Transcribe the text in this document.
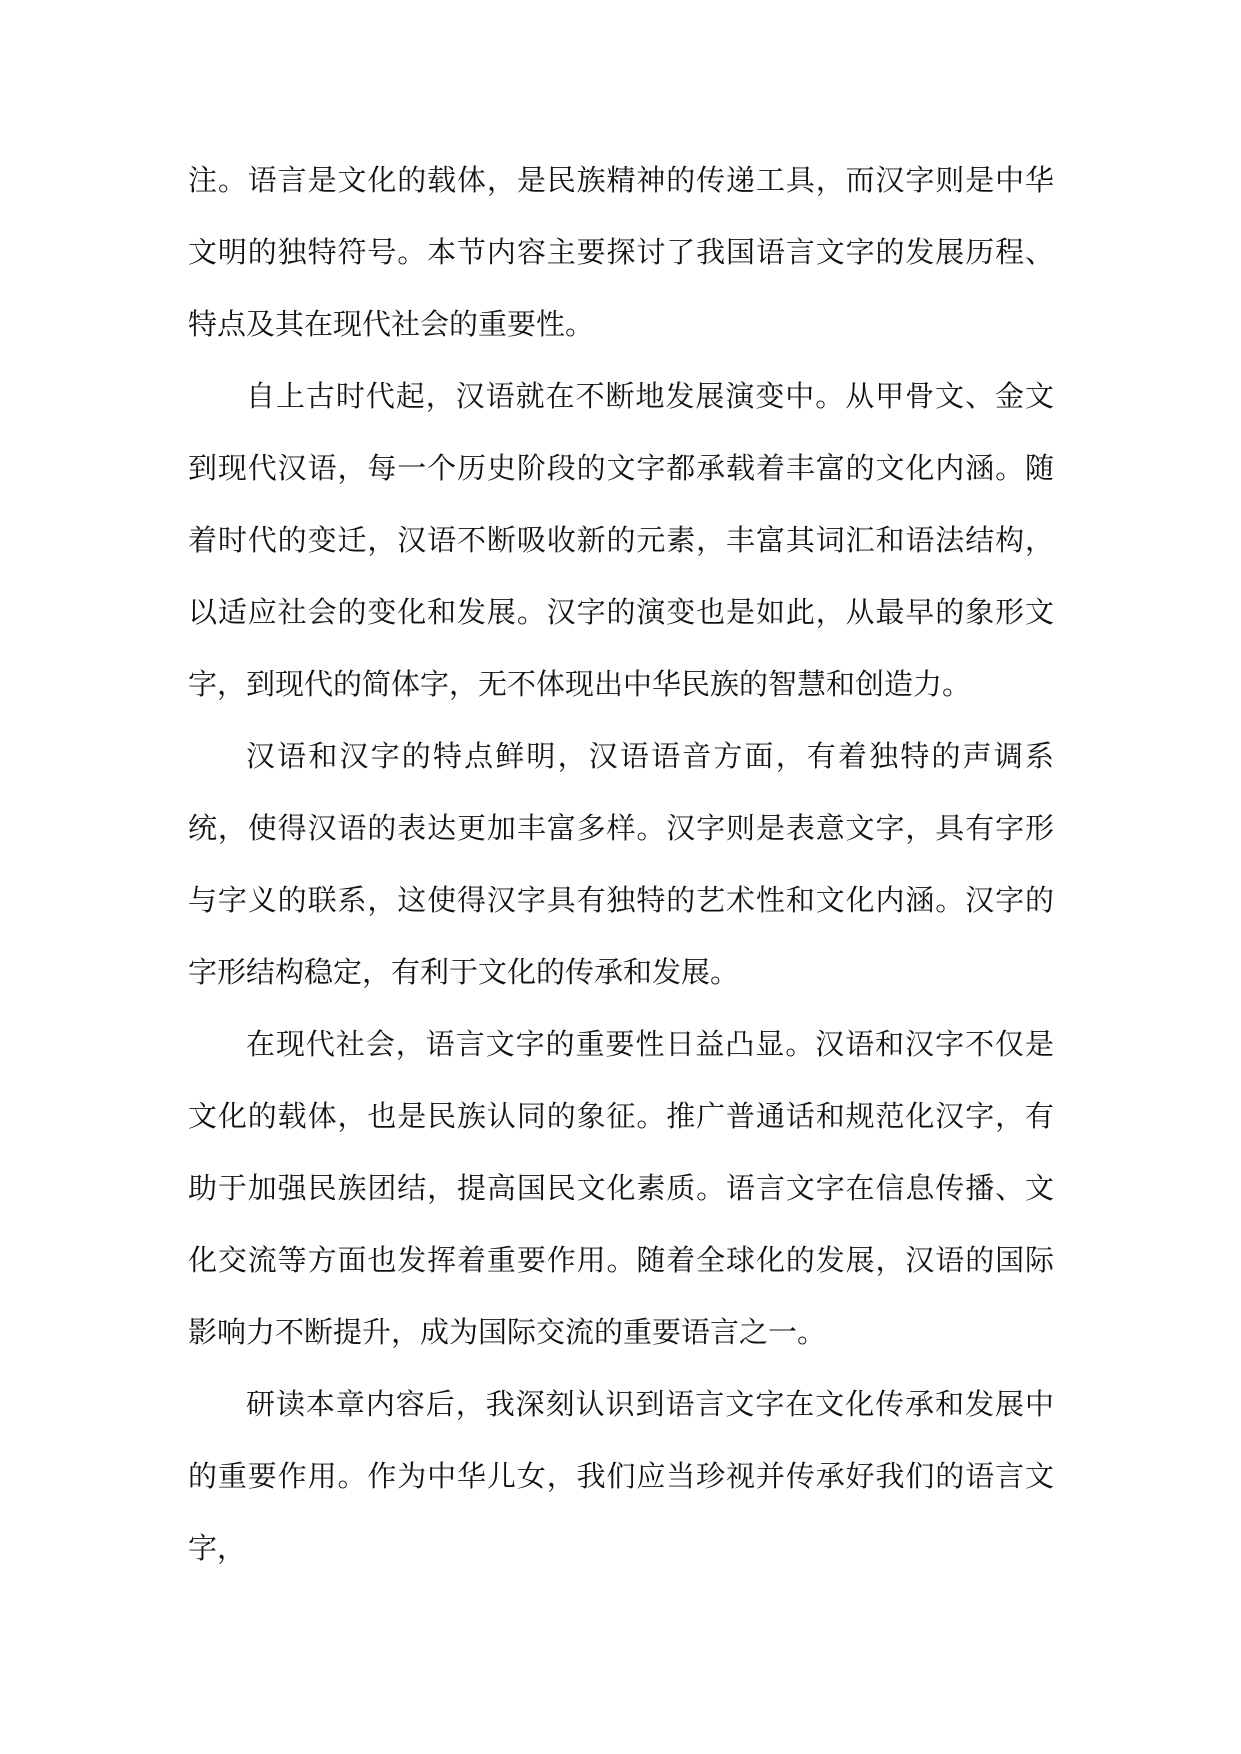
注。语言是文化的载体，是民族精神的传递工具，而汉字则是中华文明的独特符号。本节内容主要探讨了我国语言文字的发展历程、特点及其在现代社会的重要性。

自上古时代起，汉语就在不断地发展演变中。从甲骨文、金文到现代汉语，每一个历史阶段的文字都承载着丰富的文化内涵。随着时代的变迁，汉语不断吸收新的元素，丰富其词汇和语法结构，以适应社会的变化和发展。汉字的演变也是如此，从最早的象形文字，到现代的简体字，无不体现出中华民族的智慧和创造力。

汉语和汉字的特点鲜明，汉语语音方面，有着独特的声调系统，使得汉语的表达更加丰富多样。汉字则是表意文字，具有字形与字义的联系，这使得汉字具有独特的艺术性和文化内涵。汉字的字形结构稳定，有利于文化的传承和发展。

在现代社会，语言文字的重要性日益凸显。汉语和汉字不仅是文化的载体，也是民族认同的象征。推广普通话和规范化汉字，有助于加强民族团结，提高国民文化素质。语言文字在信息传播、文化交流等方面也发挥着重要作用。随着全球化的发展，汉语的国际影响力不断提升，成为国际交流的重要语言之一。

研读本章内容后，我深刻认识到语言文字在文化传承和发展中的重要作用。作为中华儿女，我们应当珍视并传承好我们的语言文字，
